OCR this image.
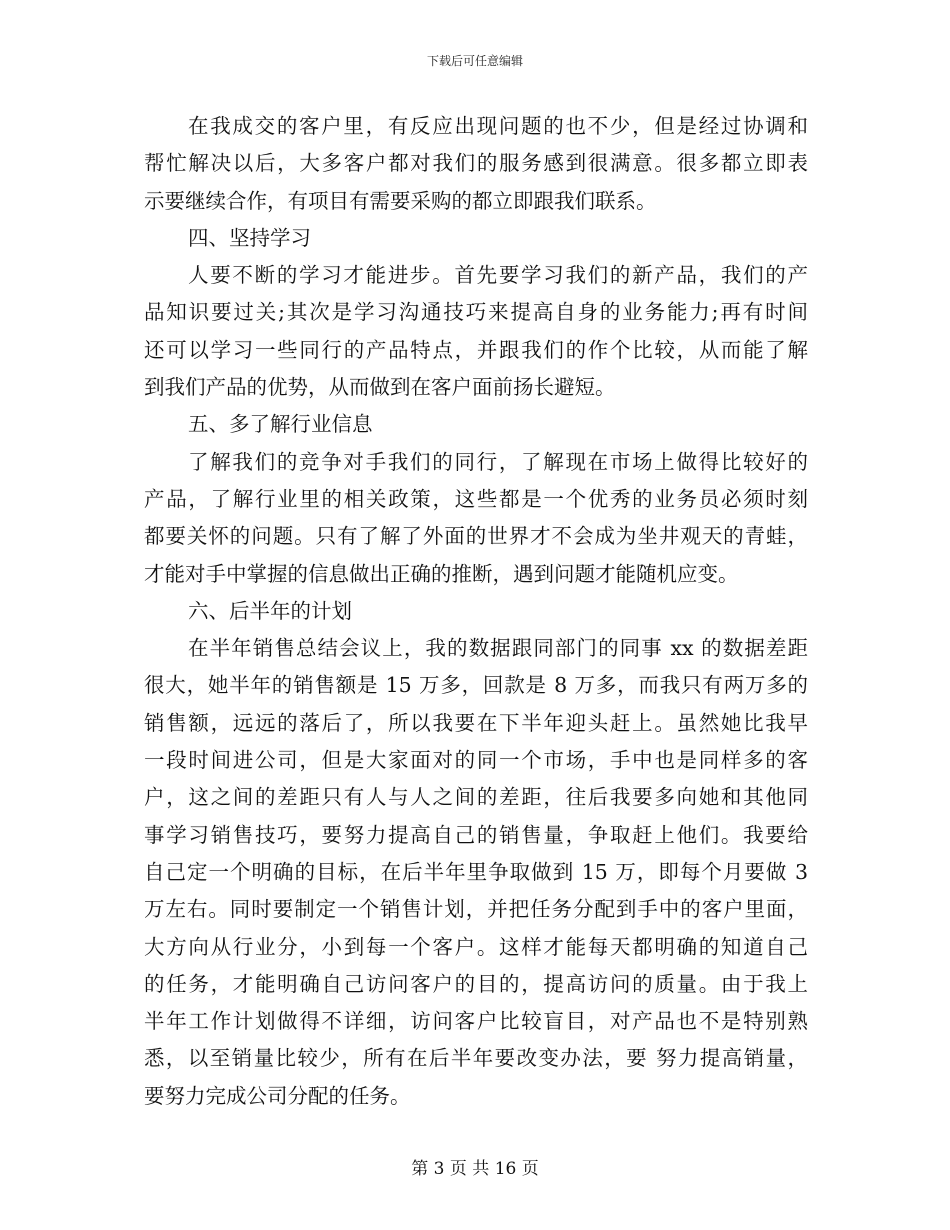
下载后可任意编辑
在我成交的客户里，有反应出现问题的也不少，但是经过协调和
帮忙解决以后，大多客户都对我们的服务感到很满意。很多都立即表
示要继续合作，有项目有需要采购的都立即跟我们联系。
四、坚持学习
人要不断的学习才能进步。首先要学习我们的新产品，我们的产
品知识要过关;其次是学习沟通技巧来提高自身的业务能力;再有时间
还可以学习一些同行的产品特点，并跟我们的作个比较，从而能了解
到我们产品的优势，从而做到在客户面前扬长避短。
五、多了解行业信息
了解我们的竞争对手我们的同行，了解现在市场上做得比较好的
产品，了解行业里的相关政策，这些都是一个优秀的业务员必须时刻
都要关怀的问题。只有了解了外面的世界才不会成为坐井观天的青蛙，
才能对手中掌握的信息做出正确的推断，遇到问题才能随机应变。
六、后半年的计划
在半年销售总结会议上，我的数据跟同部门的同事 xx 的数据差距
很大，她半年的销售额是 15 万多，回款是 8 万多，而我只有两万多的
销售额，远远的落后了，所以我要在下半年迎头赶上。虽然她比我早
一段时间进公司，但是大家面对的同一个市场，手中也是同样多的客
户，这之间的差距只有人与人之间的差距，往后我要多向她和其他同
事学习销售技巧，要努力提高自己的销售量，争取赶上他们。我要给
自己定一个明确的目标，在后半年里争取做到 15 万，即每个月要做 3
万左右。同时要制定一个销售计划，并把任务分配到手中的客户里面，
大方向从行业分，小到每一个客户。这样才能每天都明确的知道自己
的任务，才能明确自己访问客户的目的，提高访问的质量。由于我上
半年工作计划做得不详细，访问客户比较盲目，对产品也不是特别熟
悉，以至销量比较少，所有在后半年要改变办法，要 努力提高销量，
要努力完成公司分配的任务。
第 3 页 共 16 页
